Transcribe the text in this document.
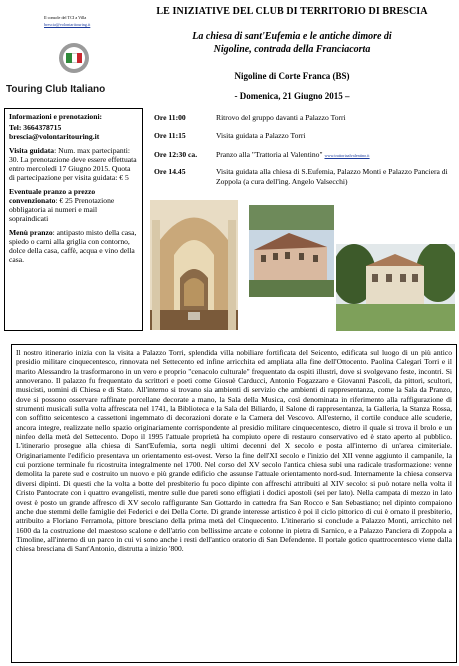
Il console del TCI a Villa
brescia@volontaritouring.it
Touring Club Italiano
LE INIZIATIVE DEL CLUB DI TERRITORIO DI BRESCIA
La chiesa di sant'Eufemia e le antiche dimore di
Nigoline, contrada della Franciacorta
Nigoline di Corte Franca (BS)
- Domenica, 21 Giugno 2015 –

Informazioni e prenotazioni:

Tel: 3664378715

brescia@volontaritouring.it

Visita guidata: Num. max partecipanti: 30. La prenotazione deve essere effettuata entro mercoledì 17 Giugno 2015. Quota di partecipazione per visita guidata: € 5

Eventuale pranzo a prezzo convenzionato: € 25 Prenotazione obbligatoria ai numeri e mail sopraindicati

Menù pranzo: antipasto misto della casa, spiedo o carni alla griglia con contorno, dolce della casa, caffè, acqua e vino della casa.

Ore 11:00	Ritrovo del gruppo davanti a Palazzo Torri
Ore 11:15	Visita guidata a Palazzo Torri
Ore 12:30 ca. Pranzo alla "Trattoria al Valentino" www.trattoriaalvalentino.it
Ore 14.45	Visita guidata alla chiesa di S.Eufemia, Palazzo Monti e Palazzo Panciera di Zoppola (a cura dell'ing. Angelo Valsecchi)

Il nostro itinerario inizia con la visita a Palazzo Torri, splendida villa nobiliare fortificata del Seicento, edificata sul luogo di un più antico presidio militare cinquecentesco, rinnovata nel Settecento ed infine arricchita ed ampliata alla fine dell'Ottocento. Paolina Calegari Torri e il marito Alessandro la trasformarono in un vero e proprio "cenacolo culturale" frequentato da ospiti illustri, dove si svolgevano feste, incontri. Si annoverano. Il palazzo fu frequentato da scrittori e poeti come Giosuè Carducci, Antonio Fogazzaro e Giovanni Pascoli, da pittori, scultori, musicisti, uomini di Chiesa e di Stato. All'interno si trovano sia ambienti di servizio che ambienti di rappresentanza, come la Sala da Pranzo, dove si possono osservare raffinate porcellane decorate a mano, la Sala della Musica, così denominata in riferimento alla raffigurazione di strumenti musicali sulla volta affrescata nel 1741, la Biblioteca e la Sala del Biliardo, il Salone di rappresentanza, la Galleria, la Stanza Rossa, con soffitto seicentesco a cassettoni ingemmato di decorazioni dorate e la Camera del Vescovo. All'esterno, il cortile conduce alle scuderie, ancora integre, realizzate nello spazio originariamente corrispondente al presidio militare cinquecentesco, dietro il quale si trova il brolo e un ninfeo della metà del Settecento. Dopo il 1995 l'attuale proprietà ha compiuto opere di restauro conservativo ed è stato aperto al pubblico. L'itinerario prosegue alla chiesa di Sant'Eufemia, sorta negli ultimi decenni del X secolo e posta all'interno di un'area cimiteriale. Originariamente l'edificio presentava un orientamento est-ovest. Verso la fine dell'XI secolo e l'inizio del XII venne aggiunto il campanile, la cui porzione terminale fu ricostruita integralmente nel 1700. Nel corso del XV secolo l'antica chiesa subì una radicale trasformazione: venne demolita la parete sud e costruito un nuovo e più grande edificio che assunse l'attuale orientamento nord-sud. Internamente la chiesa conserva diversi dipinti. Di questi che la volta a botte del presbiterio fu poco dipinte con affreschi attribuiti al XIV secolo: si può notare nella volta il Cristo Pantocrate con i quattro evangelisti, mentre sulle due pareti sono effigiati i dodici apostoli (sei per lato). Nella campata di mezzo in lato ovest è posto un grande affresco di XV secolo raffigurante San Gottardo in cattedra fra San Rocco e San Sebastiano; nel dipinto compaiono anche due stemmi delle famiglie dei Federici e dei Della Corte. Di grande interesse artistico è poi il ciclo pittorico di cui è ornato il presbiterio, attribuito a Floriano Ferramola, pittore bresciano della prima metà del Cinquecento. L'itinerario si conclude a Palazzo Monti, arricchito nel 1600 da la costruzione del maestoso scalone e dell'atrio con bellissime arcate e colonne in pietra di Sarnico, e a Palazzo Panciera di Zoppola a Timoline, all'interno di un parco in cui vi sono anche i resti dell'antico oratorio di San Defendente. Il portale gotico quattrocentesco viene dalla chiesa bresciana di Sant'Antonio, distrutta a inizio '800.
